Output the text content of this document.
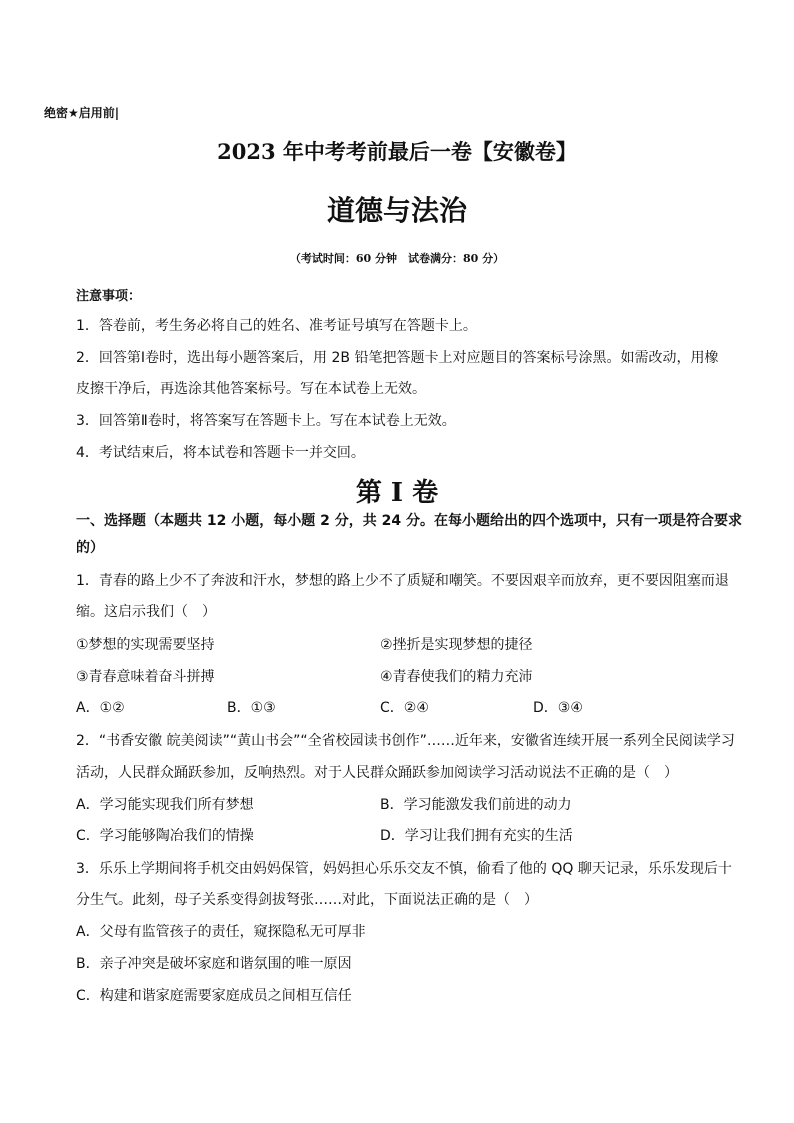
绝密★启用前|
2023 年中考考前最后一卷【安徽卷】
道德与法治
（考试时间：60 分钟　试卷满分：80 分）
注意事项：
1．答卷前，考生务必将自己的姓名、准考证号填写在答题卡上。
2．回答第Ⅰ卷时，选出每小题答案后，用 2B 铅笔把答题卡上对应题目的答案标号涂黑。如需改动，用橡
皮擦干净后，再选涂其他答案标号。写在本试卷上无效。
3．回答第Ⅱ卷时，将答案写在答题卡上。写在本试卷上无效。
4．考试结束后，将本试卷和答题卡一并交回。
第 I 卷
一、选择题（本题共 12 小题，每小题 2 分，共 24 分。在每小题给出的四个选项中，只有一项是符合要求
的）
1．青春的路上少不了奔波和汗水，梦想的路上少不了质疑和嘲笑。不要因艰辛而放弃，更不要因阻塞而退
缩。这启示我们（　）
①梦想的实现需要坚持	②挫折是实现梦想的捷径
③青春意味着奋斗拼搏	④青春使我们的精力充沛
A．①②	B．①③	C．②④	D．③④
2．“书香安徽 皖美阅读”“黄山书会”“全省校园读书创作”……近年来，安徽省连续开展一系列全民阅读学习
活动，人民群众踊跃参加，反响热烈。对于人民群众踊跃参加阅读学习活动说法不正确的是（　）
A．学习能实现我们所有梦想	B．学习能激发我们前进的动力
C．学习能够陶冶我们的情操	D．学习让我们拥有充实的生活
3．乐乐上学期间将手机交由妈妈保管，妈妈担心乐乐交友不慎，偷看了他的 QQ 聊天记录，乐乐发现后十
分生气。此刻，母子关系变得剑拔弩张……对此，下面说法正确的是（　）
A．父母有监管孩子的责任，窥探隐私无可厚非
B．亲子冲突是破坏家庭和谐氛围的唯一原因
C．构建和谐家庭需要家庭成员之间相互信任
